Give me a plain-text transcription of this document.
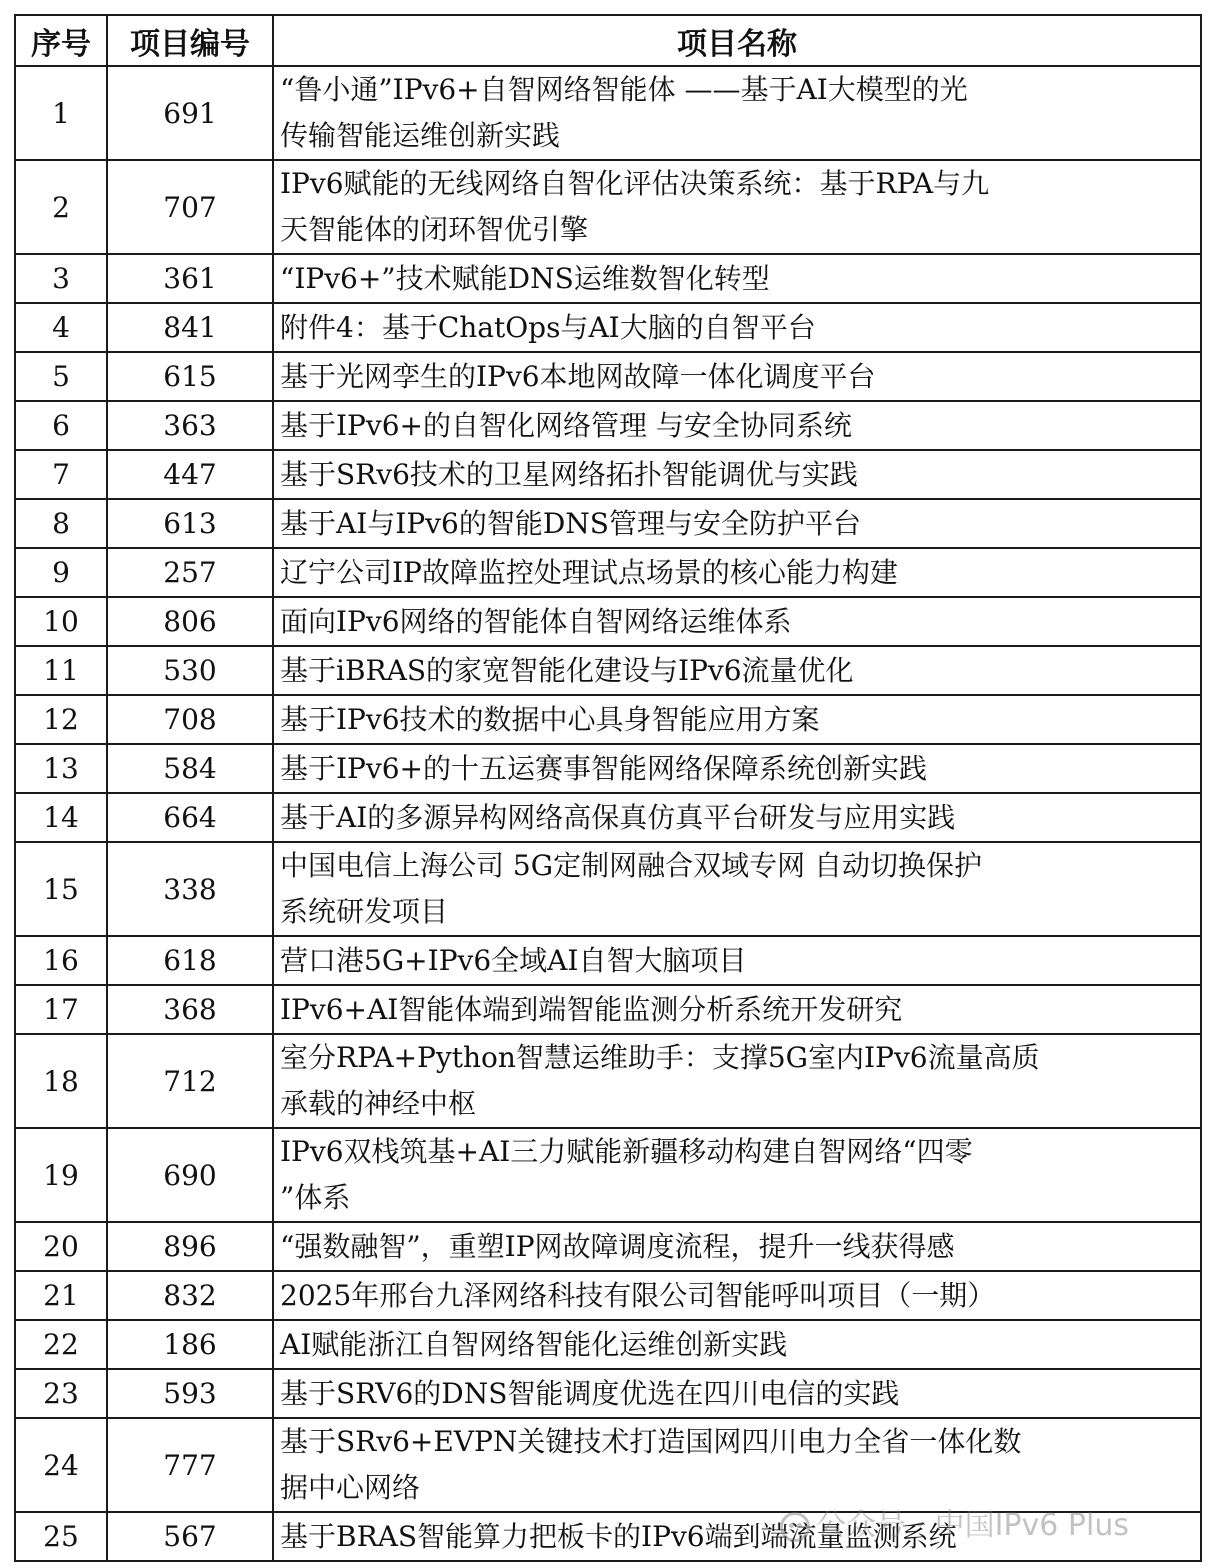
序号	项目编号	项目名称
1	691	“鲁小通”IPv6+自智网络智能体 ——基于AI大模型的光
传输智能运维创新实践

2	707	IPv6赋能的无线网络自智化评估决策系统：基于RPA与九
天智能体的闭环智优引擎

3	361	“IPv6+”技术赋能DNS运维数智化转型

4	841	附件4：基于ChatOps与AI大脑的自智平台

5	615	基于光网孪生的IPv6本地网故障一体化调度平台

6	363	基于IPv6+的自智化网络管理 与安全协同系统

7	447	基于SRv6技术的卫星网络拓扑智能调优与实践

8	613	基于AI与IPv6的智能DNS管理与安全防护平台

9	257	辽宁公司IP故障监控处理试点场景的核心能力构建

10	806	面向IPv6网络的智能体自智网络运维体系

11	530	基于iBRAS的家宽智能化建设与IPv6流量优化

12	708	基于IPv6技术的数据中心具身智能应用方案

13	584	基于IPv6+的十五运赛事智能网络保障系统创新实践

14	664	基于AI的多源异构网络高保真仿真平台研发与应用实践

15	338	中国电信上海公司 5G定制网融合双域专网 自动切换保护
系统研发项目

16	618	营口港5G+IPv6全域AI自智大脑项目

17	368	IPv6+AI智能体端到端智能监测分析系统开发研究

18	712	室分RPA+Python智慧运维助手：支撑5G室内IPv6流量高质
承载的神经中枢

19	690	IPv6双栈筑基+AI三力赋能新疆移动构建自智网络“四零
”体系

20	896	“强数融智”，重塑IP网故障调度流程，提升一线获得感

21	832	2025年邢台九泽网络科技有限公司智能呼叫项目（一期）

22	186	AI赋能浙江自智网络智能化运维创新实践

23	593	基于SRV6的DNS智能调度优选在四川电信的实践

24	777	基于SRv6+EVPN关键技术打造国网四川电力全省一体化数
据中心网络

25	567	基于BRAS智能算力把板卡的IPv6端到端流量监测系统
公众号 · 中国IPv6 Plus
